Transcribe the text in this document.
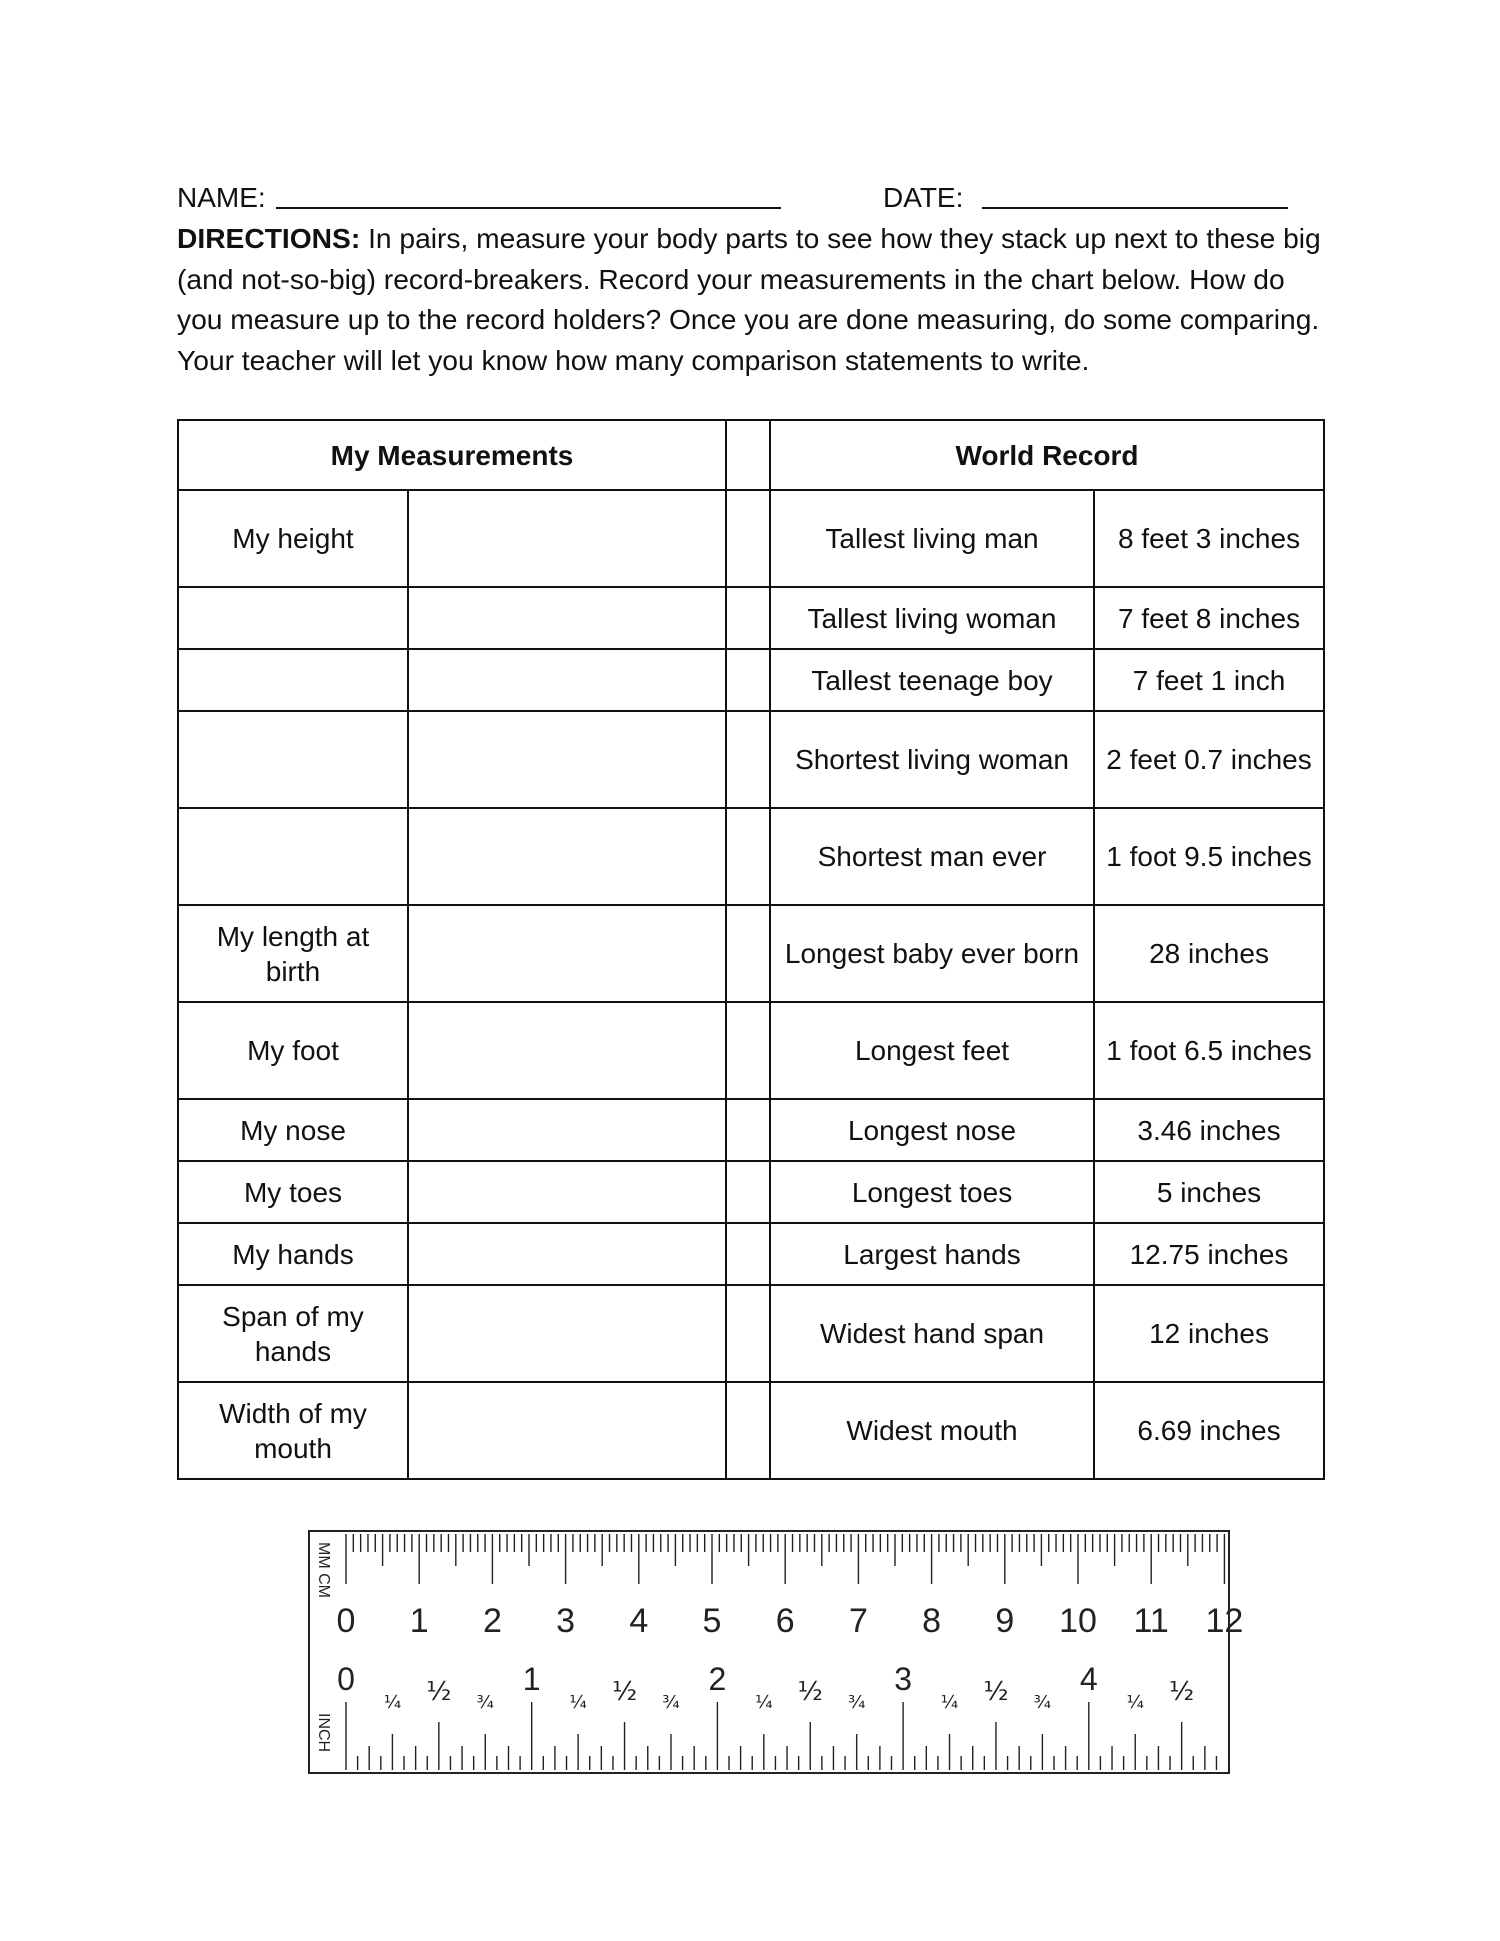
NAME:	DATE:
DIRECTIONS: In pairs, measure your body parts to see how they stack up next to these big (and not-so-big) record-breakers. Record your measurements in the chart below. How do you measure up to the record holders? Once you are done measuring, do some comparing. Your teacher will let you know how many comparison statements to write.
My Measurements			World Record	
My height			Tallest living man	8 feet 3 inches
			Tallest living woman	7 feet 8 inches
			Tallest teenage boy	7 feet 1 inch
			Shortest living woman	2 feet 0.7 inches
			Shortest man ever	1 foot 9.5 inches
My length at birth			Longest baby ever born	28 inches
My foot			Longest feet	1 foot 6.5 inches
My nose			Longest nose	3.46 inches
My toes			Longest toes	5 inches
My hands			Largest hands	12.75 inches
Span of my hands			Widest hand span	12 inches
Width of my mouth			Widest mouth	6.69 inches
MM CM
INCH
0 1 2 3 4 5 6 7 8 9 10 11 12
0	1	2	3	4
¼ ½ ¾	¼ ½ ¾	¼ ½ ¾	¼ ½ ¾	¼ ½
